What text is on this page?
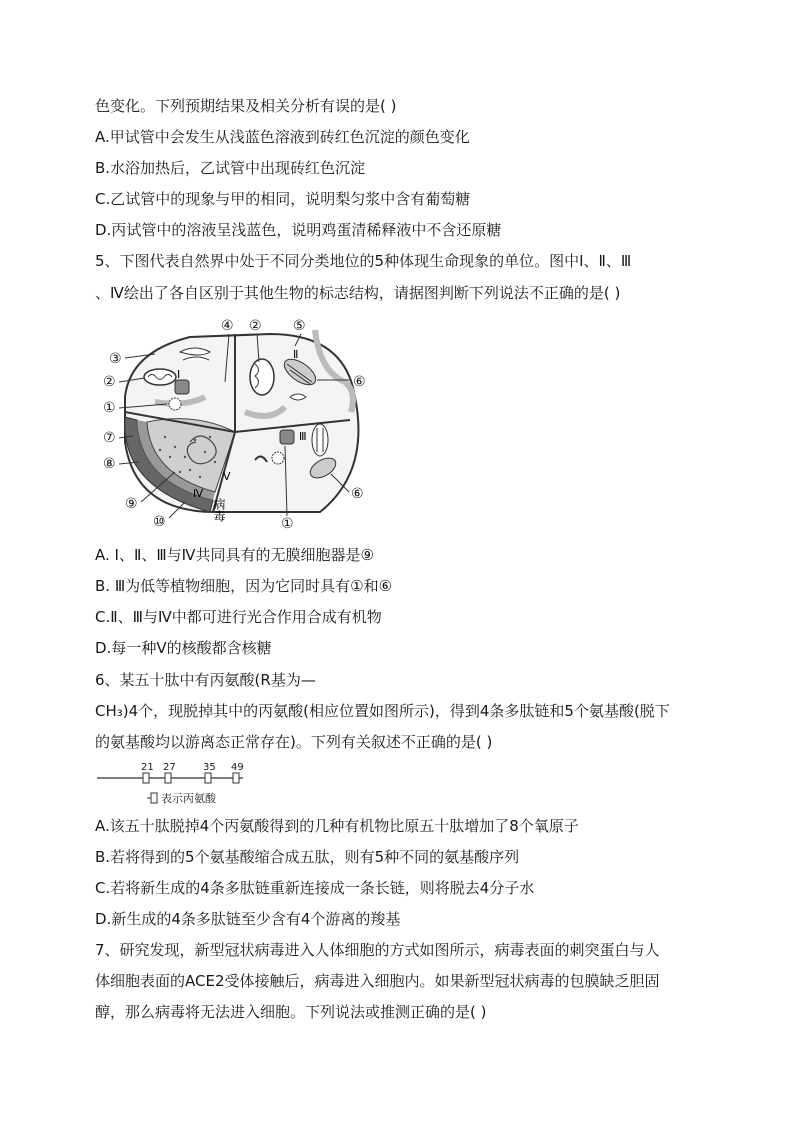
色变化。下列预期结果及相关分析有误的是( )
A.甲试管中会发生从浅蓝色溶液到砖红色沉淀的颜色变化
B.水浴加热后，乙试管中出现砖红色沉淀
C.乙试管中的现象与甲的相同，说明梨匀浆中含有葡萄糖
D.丙试管中的溶液呈浅蓝色，说明鸡蛋清稀释液中不含还原糖
5、下图代表自然界中处于不同分类地位的5种体现生命现象的单位。图中Ⅰ、Ⅱ、Ⅲ
、Ⅳ绘出了各自区别于其他生物的标志结构，请据图判断下列说法不正确的是( )
I
Ⅱ
Ⅲ
Ⅳ
Ⅴ
病毒
③
②
①
⑦
⑧
⑨
⑩
④ ② ⑤
⑥
⑥
①
A. Ⅰ、Ⅱ、Ⅲ与Ⅳ共同具有的无膜细胞器是⑨
B. Ⅲ为低等植物细胞，因为它同时具有①和⑥
C.Ⅱ、Ⅲ与Ⅳ中都可进行光合作用合成有机物
D.每一种Ⅴ的核酸都含核糖
6、某五十肽中有丙氨酸(R基为—
CH₃)4个，现脱掉其中的丙氨酸(相应位置如图所示)，得到4条多肽链和5个氨基酸(脱下
的氨基酸均以游离态正常存在)。下列有关叙述不正确的是( )
21 27	35 49
表示丙氨酸
A.该五十肽脱掉4个丙氨酸得到的几种有机物比原五十肽增加了8个氧原子
B.若将得到的5个氨基酸缩合成五肽，则有5种不同的氨基酸序列
C.若将新生成的4条多肽链重新连接成一条长链，则将脱去4分子水
D.新生成的4条多肽链至少含有4个游离的羧基
7、研究发现，新型冠状病毒进入人体细胞的方式如图所示，病毒表面的刺突蛋白与人
体细胞表面的ACE2受体接触后，病毒进入细胞内。如果新型冠状病毒的包膜缺乏胆固
醇，那么病毒将无法进入细胞。下列说法或推测正确的是( )
